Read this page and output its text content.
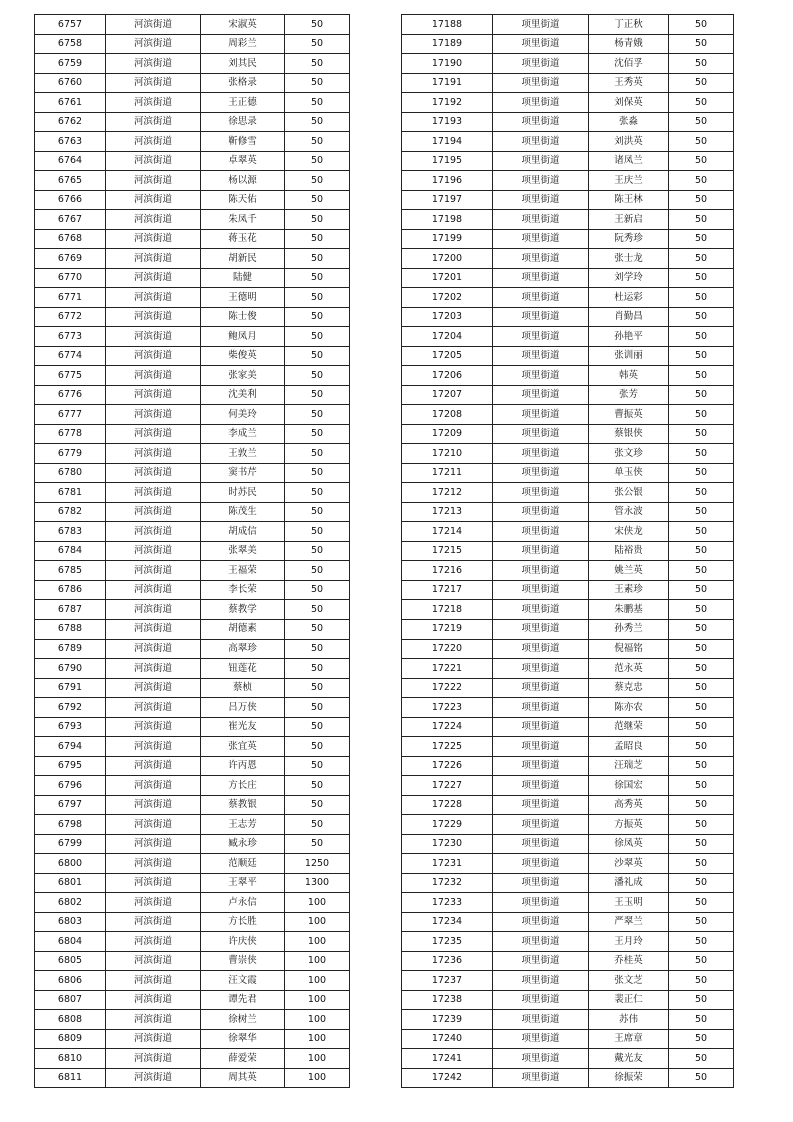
6757	河滨街道	宋淑英	50
6758	河滨街道	周彩兰	50
6759	河滨街道	刘其民	50
6760	河滨街道	张格录	50
6761	河滨街道	王正德	50
6762	河滨街道	徐思录	50
6763	河滨街道	靳修雪	50
6764	河滨街道	卓翠英	50
6765	河滨街道	杨以源	50
6766	河滨街道	陈天佑	50
6767	河滨街道	朱凤千	50
6768	河滨街道	蒋玉花	50
6769	河滨街道	胡新民	50
6770	河滨街道	陆健	50
6771	河滨街道	王德明	50
6772	河滨街道	陈士俊	50
6773	河滨街道	鲍凤月	50
6774	河滨街道	柴俊英	50
6775	河滨街道	张家美	50
6776	河滨街道	沈美利	50
6777	河滨街道	何美玲	50
6778	河滨街道	李成兰	50
6779	河滨街道	王敦兰	50
6780	河滨街道	窦书芹	50
6781	河滨街道	时苏民	50
6782	河滨街道	陈茂生	50
6783	河滨街道	胡成信	50
6784	河滨街道	张翠美	50
6785	河滨街道	王福荣	50
6786	河滨街道	李长荣	50
6787	河滨街道	蔡教学	50
6788	河滨街道	胡德素	50
6789	河滨街道	高翠珍	50
6790	河滨街道	钮莲花	50
6791	河滨街道	蔡桢	50
6792	河滨街道	吕万侠	50
6793	河滨街道	崔光友	50
6794	河滨街道	张宜英	50
6795	河滨街道	许丙恩	50
6796	河滨街道	方长庄	50
6797	河滨街道	蔡教银	50
6798	河滨街道	王志芳	50
6799	河滨街道	臧永珍	50
6800	河滨街道	范顺廷	1250
6801	河滨街道	王翠平	1300
6802	河滨街道	卢永信	100
6803	河滨街道	方长胜	100
6804	河滨街道	许庆侠	100
6805	河滨街道	曹崇侠	100
6806	河滨街道	汪文霞	100
6807	河滨街道	谭先君	100
6808	河滨街道	徐树兰	100
6809	河滨街道	徐翠华	100
6810	河滨街道	薛爱荣	100
6811	河滨街道	周其英	100
17188	项里街道	丁正秋	50
17189	项里街道	杨青娥	50
17190	项里街道	沈佰孚	50
17191	项里街道	王秀英	50
17192	项里街道	刘保英	50
17193	项里街道	张淼	50
17194	项里街道	刘洪英	50
17195	项里街道	诸凤兰	50
17196	项里街道	王庆兰	50
17197	项里街道	陈王林	50
17198	项里街道	王新启	50
17199	项里街道	阮秀珍	50
17200	项里街道	张士龙	50
17201	项里街道	刘学玲	50
17202	项里街道	杜运彩	50
17203	项里街道	肖勤昌	50
17204	项里街道	孙艳平	50
17205	项里街道	张训丽	50
17206	项里街道	韩英	50
17207	项里街道	张芳	50
17208	项里街道	曹振英	50
17209	项里街道	蔡银侠	50
17210	项里街道	张文珍	50
17211	项里街道	单玉侠	50
17212	项里街道	张公银	50
17213	项里街道	管永波	50
17214	项里街道	宋侠龙	50
17215	项里街道	陆裕贵	50
17216	项里街道	姚兰英	50
17217	项里街道	王素珍	50
17218	项里街道	朱鹏基	50
17219	项里街道	孙秀兰	50
17220	项里街道	倪福铭	50
17221	项里街道	范永英	50
17222	项里街道	蔡克忠	50
17223	项里街道	陈亦农	50
17224	项里街道	范继荣	50
17225	项里街道	孟昭良	50
17226	项里街道	汪瑞芝	50
17227	项里街道	徐国宏	50
17228	项里街道	高秀英	50
17229	项里街道	方振英	50
17230	项里街道	徐凤英	50
17231	项里街道	沙翠英	50
17232	项里街道	潘礼成	50
17233	项里街道	王玉明	50
17234	项里街道	严翠兰	50
17235	项里街道	王月玲	50
17236	项里街道	乔桂英	50
17237	项里街道	张文芝	50
17238	项里街道	裴正仁	50
17239	项里街道	苏伟	50
17240	项里街道	王席章	50
17241	项里街道	戴光友	50
17242	项里街道	徐振荣	50
